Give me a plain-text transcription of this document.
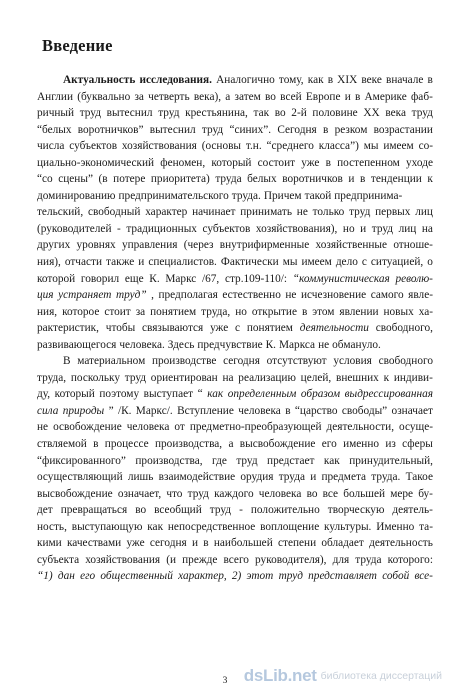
Введение
Актуальность исследования. Аналогично тому, как в XIX веке вначале в
Англии (буквально за четверть века), а затем во всей Европе и в Америке фаб-
ричный труд вытеснил труд крестьянина, так во 2-й половине XX века труд
“белых воротничков” вытеснил труд “синих”. Сегодня в резком возрастании
числа субъектов хозяйствования (основы т.н. “среднего класса”) мы имеем со-
циально-экономический феномен, который состоит уже в постепенном уходе
“со сцены” (в потере приоритета) труда белых воротничков и в тенденции к
доминированию предпринимательского труда. Причем такой предпринима-
тельский, свободный характер начинает принимать не только труд первых лиц
(руководителей - традиционных субъектов хозяйствования), но и труд лиц на
других уровнях управления (через внутрифирменные хозяйственные отноше-
ния), отчасти также и специалистов. Фактически мы имеем дело с ситуацией, о
которой говорил еще К. Маркс /67, стр.109-110/: “коммунистическая револю-
ция устраняет труд” , предполагая естественно не исчезновение самого явле-
ния, которое стоит за понятием труда, но открытие в этом явлении новых ха-
рактеристик, чтобы связываются уже с понятием деятельности свободного,
развивающегося человека. Здесь предчувствие К. Маркса не обмануло.
В материальном производстве сегодня отсутствуют условия свободного
труда, поскольку труд ориентирован на реализацию целей, внешних к индиви-
ду, который поэтому выступает “ как определенным образом выдрессированная
сила природы ” /К. Маркс/. Вступление человека в “царство свободы” означает
не освобождение человека от предметно-преобразующей деятельности, осуще-
ствляемой в процессе производства, а высвобождение его именно из сферы
“фиксированного” производства, где труд предстает как принудительный,
осуществляющий лишь взаимодействие орудия труда и предмета труда. Такое
высвобождение означает, что труд каждого человека во все большей мере бу-
дет превращаться во всеобщий труд - положительно творческую деятель-
ность, выступающую как непосредственное воплощение культуры. Именно та-
кими качествами уже сегодня и в наибольшей степени обладает деятельность
субъекта хозяйствования (и прежде всего руководителя), для труда которого:
“1) дан его общественный характер, 2) этот труд представляет собой все-
3 dsLib.net библиотека диссертаций
